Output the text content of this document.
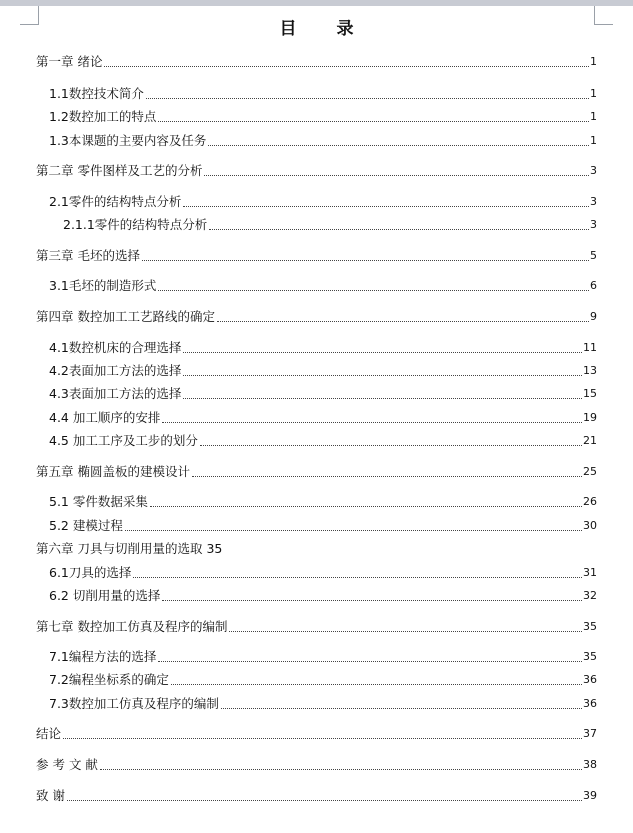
目 录
第一章 绪论	1
1.1数控技术简介	1
1.2数控加工的特点	1
1.3本课题的主要内容及任务	1
第二章 零件图样及工艺的分析	3
2.1零件的结构特点分析	3
2.1.1零件的结构特点分析	3
第三章 毛坯的选择	5
3.1毛坯的制造形式	6
第四章 数控加工工艺路线的确定	9
4.1数控机床的合理选择	11
4.2表面加工方法的选择	13
4.3表面加工方法的选择	15
4.4 加工顺序的安排	19
4.5 加工工序及工步的划分	21
第五章 椭圆盖板的建模设计	25
5.1 零件数据采集	26
5.2 建模过程	30
第六章 刀具与切削用量的选取 35
6.1刀具的选择	31
6.2 切削用量的选择	32
第七章 数控加工仿真及程序的编制	35
7.1编程方法的选择	35
7.2编程坐标系的确定	36
7.3数控加工仿真及程序的编制	36
结论	37
参 考 文 献	38
致 谢	39
